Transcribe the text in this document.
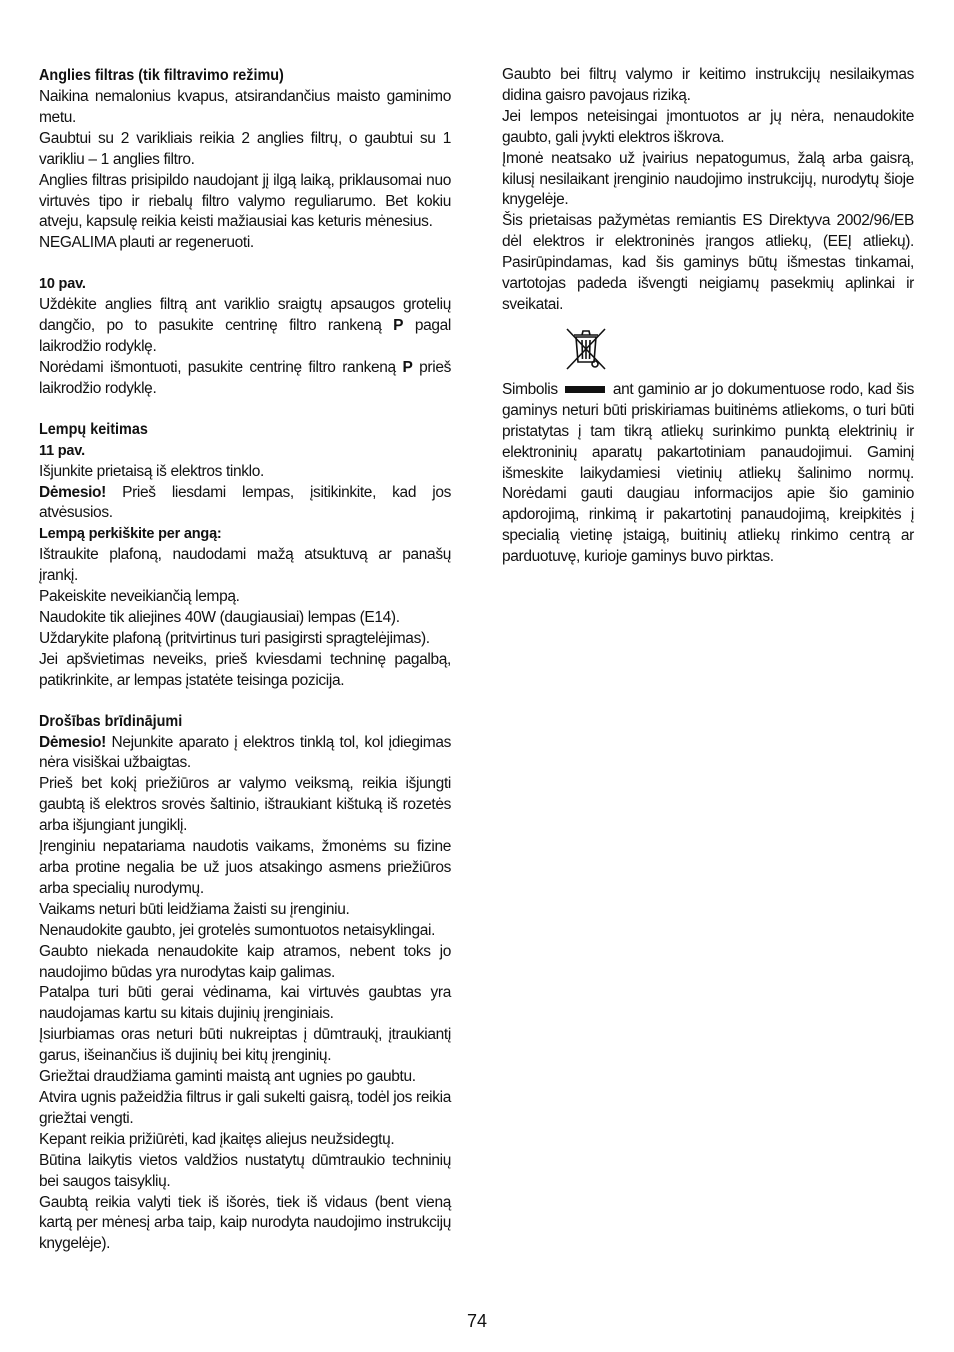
Anglies filtras (tik filtravimo režimu)

Naikina nemalonius kvapus, atsirandančius maisto gaminimo metu.

Gaubtui su 2 varikliais reikia 2 anglies filtrų, o gaubtui su 1 varikliu – 1 anglies filtro.

Anglies filtras prisipildo naudojant jį ilgą laiką, priklausomai nuo virtuvės tipo ir riebalų filtro valymo reguliarumo. Bet kokiu atveju, kapsulę reikia keisti mažiausiai kas keturis mėnesius.

NEGALIMA plauti ar regeneruoti.

10 pav.

Uždėkite anglies filtrą ant variklio sraigtų apsaugos grotelių dangčio, po to pasukite centrinę filtro rankeną P pagal laikrodžio rodyklę.

Norėdami išmontuoti, pasukite centrinę filtro rankeną P prieš laikrodžio rodyklę.

Lempų keitimas
11 pav.

Išjunkite prietaisą iš elektros tinklo.

Dėmesio! Prieš liesdami lempas, įsitikinkite, kad jos atvėsusios.

Lempą perkiškite per angą:

Ištraukite plafoną, naudodami mažą atsuktuvą ar panašų įrankį.

Pakeiskite neveikiančią lempą.

Naudokite tik aliejines 40W (daugiausiai) lempas (E14).

Uždarykite plafoną (pritvirtinus turi pasigirsti spragtelėjimas).

Jei apšvietimas neveiks, prieš kviesdami techninę pagalbą, patikrinkite, ar lempas įstatėte teisinga pozicija.

Drošības brīdinājumi

Dėmesio! Nejunkite aparato į elektros tinklą tol, kol įdiegimas nėra visiškai užbaigtas.

Prieš bet kokį priežiūros ar valymo veiksmą, reikia išjungti gaubtą iš elektros srovės šaltinio, ištraukiant kištuką iš rozetės arba išjungiant jungiklį.

Įrenginiu nepatariama naudotis vaikams, žmonėms su fizine arba protine negalia be už juos atsakingo asmens priežiūros arba specialių nurodymų.

Vaikams neturi būti leidžiama žaisti su įrenginiu.

Nenaudokite gaubto, jei grotelės sumontuotos netaisyklingai.

Gaubto niekada nenaudokite kaip atramos, nebent toks jo naudojimo būdas yra nurodytas kaip galimas.

Patalpa turi būti gerai vėdinama, kai virtuvės gaubtas yra naudojamas kartu su kitais dujinių įrenginiais.

Įsiurbiamas oras neturi būti nukreiptas į dūmtraukį, įtraukiantį garus, išeinančius iš dujinių bei kitų įrenginių.

Griežtai draudžiama gaminti maistą ant ugnies po gaubtu.

Atvira ugnis pažeidžia filtrus ir gali sukelti gaisrą, todėl jos reikia griežtai vengti.

Kepant reikia prižiūrėti, kad įkaitęs aliejus neužsidegtų.

Būtina laikytis vietos valdžios nustatytų dūmtraukio techninių bei saugos taisyklių.

Gaubtą reikia valyti tiek iš išorės, tiek iš vidaus (bent vieną kartą per mėnesį arba taip, kaip nurodyta naudojimo instrukcijų knygelėje).

Gaubto bei filtrų valymo ir keitimo instrukcijų nesilaikymas didina gaisro pavojaus riziką.

Jei lempos neteisingai įmontuotos ar jų nėra, nenaudokite gaubto, gali įvykti elektros iškrova.

Įmonė neatsako už įvairius nepatogumus, žalą arba gaisrą, kilusį nesilaikant įrenginio naudojimo instrukcijų, nurodytų šioje knygelėje.

Šis prietaisas pažymėtas remiantis ES Direktyva 2002/96/EB dėl elektros ir elektroninės įrangos atliekų, (EEĮ atliekų). Pasirūpindamas, kad šis gaminys būtų išmestas tinkamai, vartotojas padeda išvengti neigiamų pasekmių aplinkai ir sveikatai.

Simbolis	ant gaminio ar jo dokumentuose rodo, kad šis gaminys neturi būti priskiriamas buitinėms atliekoms, o turi būti pristatytas į tam tikrą atliekų surinkimo punktą elektrinių ir elektroninių aparatų pakartotiniam panaudojimui. Gaminį išmeskite laikydamiesi vietinių atliekų šalinimo normų. Norėdami gauti daugiau informacijos apie šio gaminio apdorojimą, rinkimą ir pakartotinį panaudojimą, kreipkitės į specialią vietinę įstaigą, buitinių atliekų rinkimo centrą ar parduotuvę, kurioje gaminys buvo pirktas.

74
